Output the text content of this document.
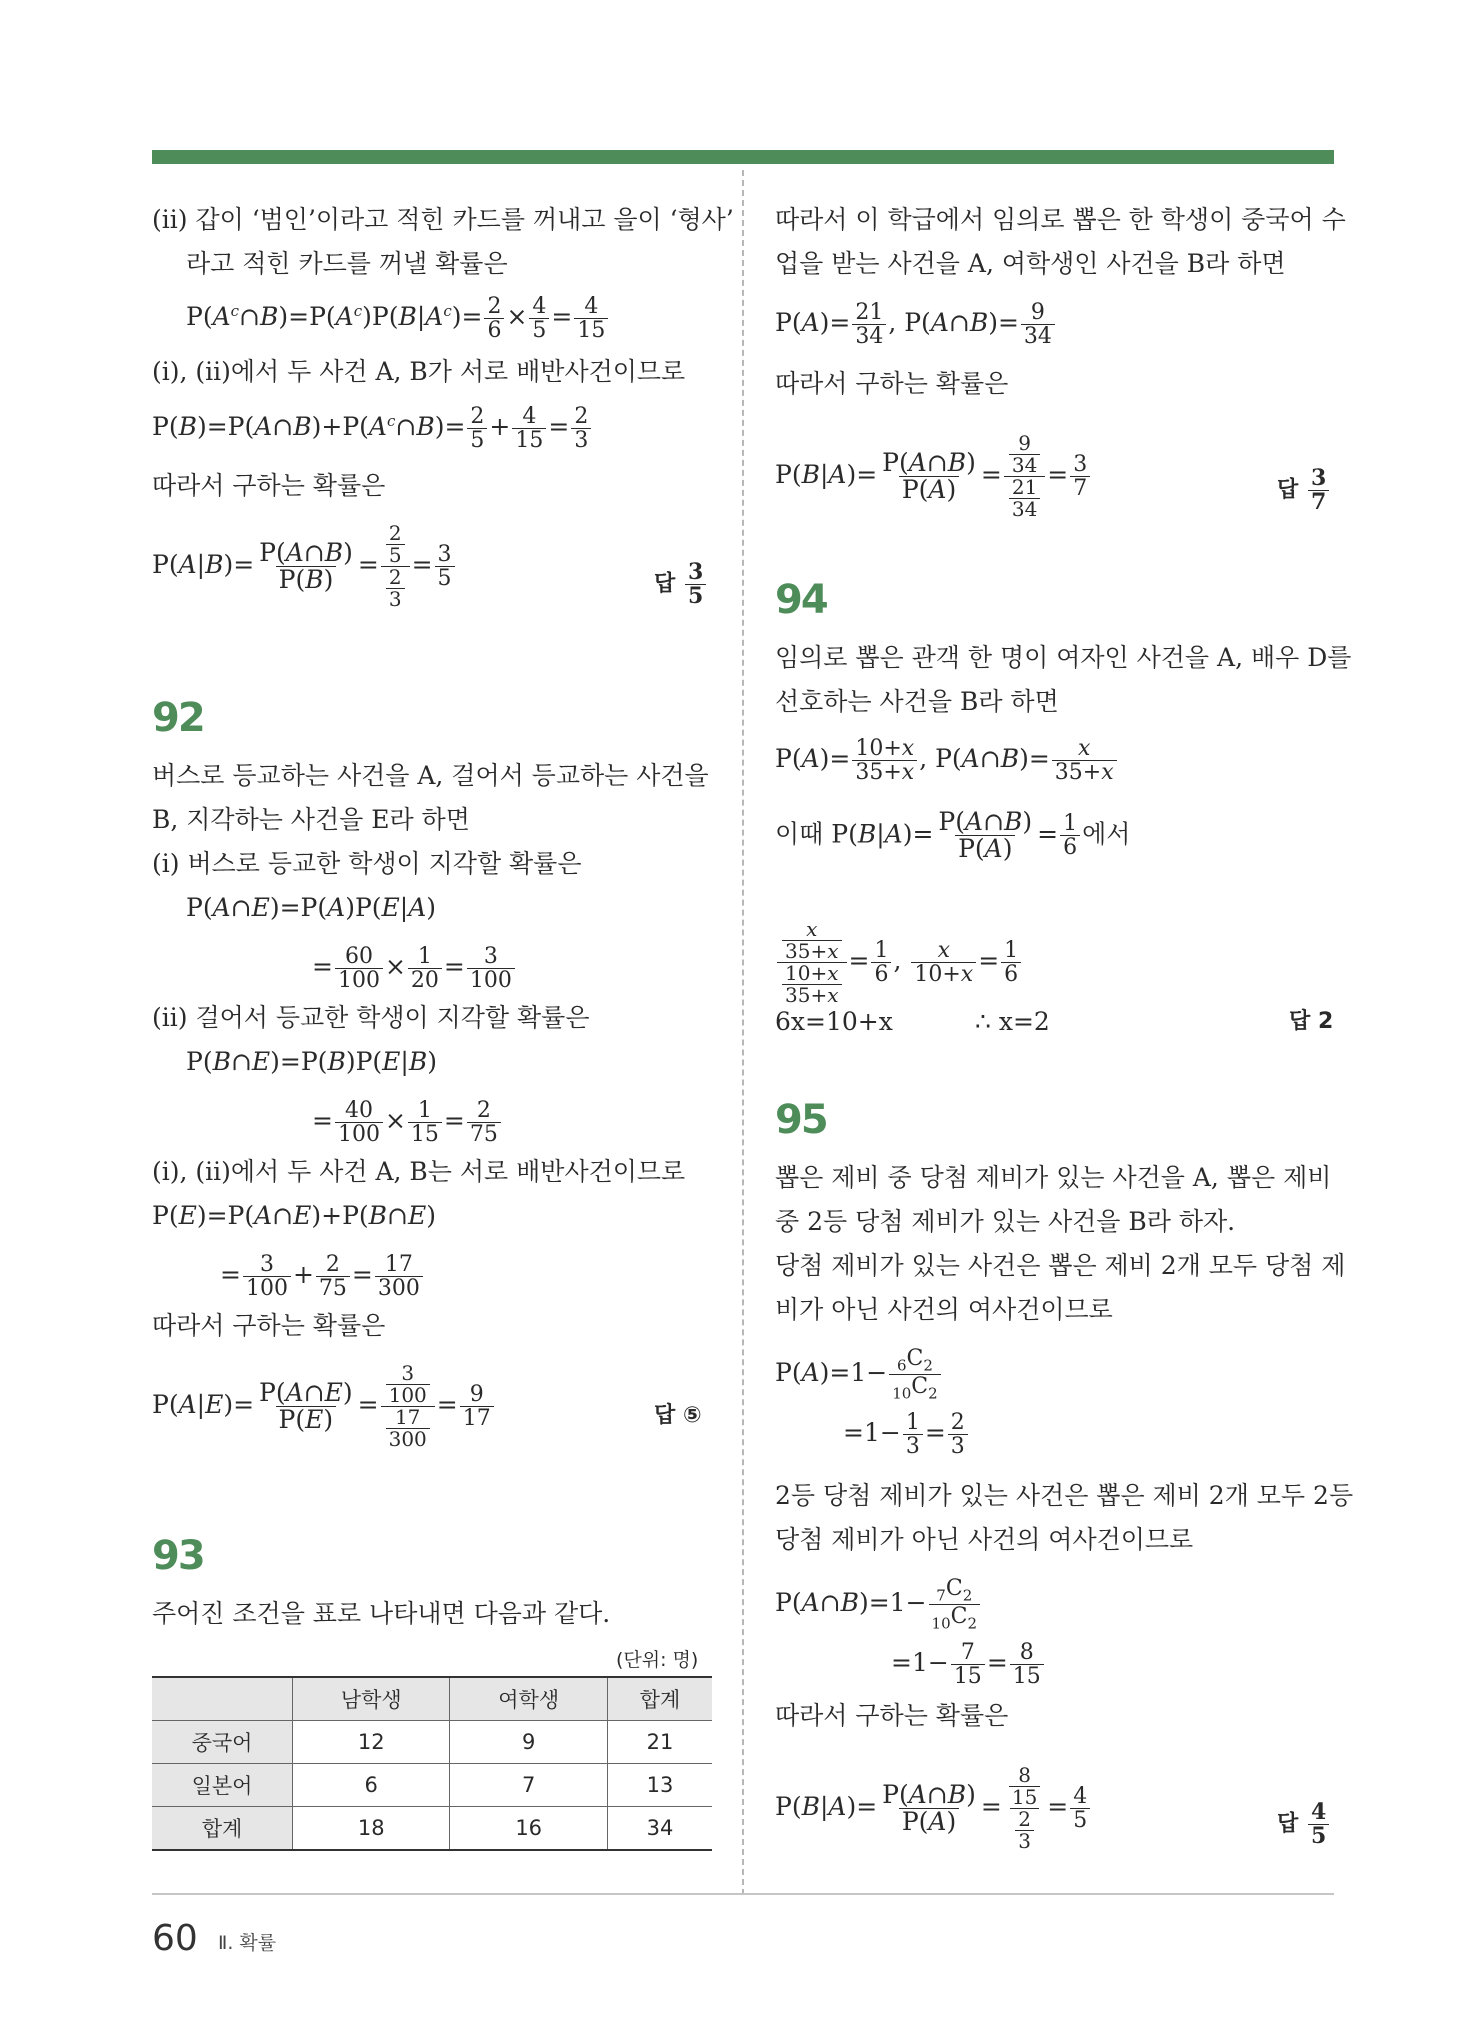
(ⅱ) 갑이 ‘범인’이라고 적힌 카드를 꺼내고 을이 ‘형사’
라고 적힌 카드를 꺼낼 확률은
$P(A^c\cap B)=P(A^c)P(B|A^c)= \frac{2}{6} \times \frac{4}{5} = \frac{4}{15}$
(ⅰ), (ⅱ)에서 두 사건 A, B가 서로 배반사건이므로
$P(B)=P(A\cap B)+P(A^c\cap B)= \frac{2}{5} + \frac{4}{15} = \frac{2}{3}$
따라서 구하는 확률은
$P(A|B)= \frac{P(A\cap B)}{P(B)} = \frac{\frac{2}{5}}{\frac{2}{3}} = \frac{3}{5}$	답 $\frac{3}{5}$
92
버스로 등교하는 사건을 A, 걸어서 등교하는 사건을
B, 지각하는 사건을 E라 하면
(ⅰ) 버스로 등교한 학생이 지각할 확률은
P(A∩E)=P(A)P(E|A)
= $\frac{60}{100} \times \frac{1}{20} = \frac{3}{100}$
(ⅱ) 걸어서 등교한 학생이 지각할 확률은
P(B∩E)=P(B)P(E|B)
= $\frac{40}{100} \times \frac{1}{15} = \frac{2}{75}$
(ⅰ), (ⅱ)에서 두 사건 A, B는 서로 배반사건이므로
P(E)=P(A∩E)+P(B∩E)
= $\frac{3}{100} + \frac{2}{75} = \frac{17}{300}$
따라서 구하는 확률은
$P(A|E)= \frac{P(A\cap E)}{P(E)} = \frac{\frac{3}{100}}{\frac{17}{300}} = \frac{9}{17}$	답 ⑤
93
주어진 조건을 표로 나타내면 다음과 같다.
(단위: 명)
	남학생	여학생	합계
중국어	12	9	21
일본어	6	7	13
합계	18	16	34
따라서 이 학급에서 임의로 뽑은 한 학생이 중국어 수
업을 받는 사건을 A, 여학생인 사건을 B라 하면
$P(A)= \frac{21}{34}$ , P(A∩B)= $\frac{9}{34}$
따라서 구하는 확률은
$P(B|A)= \frac{P(A\cap B)}{P(A)} = \frac{\frac{9}{34}}{\frac{21}{34}} = \frac{3}{7}$	답 $\frac{3}{7}$
94
임의로 뽑은 관객 한 명이 여자인 사건을 A, 배우 D를
선호하는 사건을 B라 하면
$P(A)= \frac{10+x}{35+x}$ , P(A∩B)= $\frac{x}{35+x}$
이때 $P(B|A)= \frac{P(A\cap B)}{P(A)} = \frac{1}{6}$ 에서
$\frac{\frac{x}{35+x}}{\frac{10+x}{35+x}} = \frac{1}{6}$ , $\frac{x}{10+x} = \frac{1}{6}$
6x=10+x	∴ x=2	답 2
95
뽑은 제비 중 당첨 제비가 있는 사건을 A, 뽑은 제비
중 2등 당첨 제비가 있는 사건을 B라 하자.
당첨 제비가 있는 사건은 뽑은 제비 2개 모두 당첨 제
비가 아닌 사건의 여사건이므로
$P(A)=1- \frac{_6C_2}{_{10}C_2}$
$=1- \frac{1}{3} = \frac{2}{3}$
2등 당첨 제비가 있는 사건은 뽑은 제비 2개 모두 2등
당첨 제비가 아닌 사건의 여사건이므로
P(A∩B)=1− $\frac{_7C_2}{_{10}C_2}$
$=1- \frac{7}{15} = \frac{8}{15}$
따라서 구하는 확률은
$P(B|A)= \frac{P(A\cap B)}{P(A)} = \frac{\frac{8}{15}}{\frac{2}{3}} = \frac{4}{5}$	답 $\frac{4}{5}$
60 Ⅱ. 확률
